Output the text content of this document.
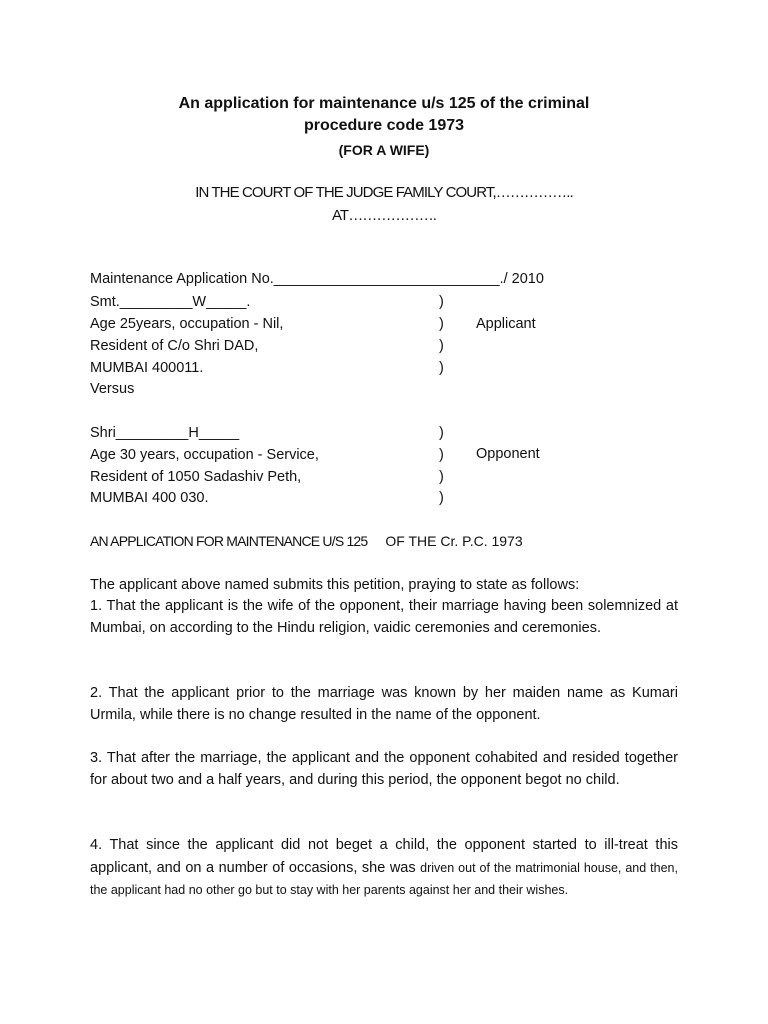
An application for maintenance u/s 125 of the criminal
procedure code 1973
(FOR A WIFE)
IN THE COURT OF THE JUDGE FAMILY COURT,……………..
AT……………….
Maintenance Application No.____________________________./ 2010
Smt._________W_____.
Age 25years, occupation - Nil,
Resident of C/o Shri DAD,
MUMBAI 400011.
)
)
)
)
Applicant
Versus
Shri_________H_____
Age 30 years, occupation - Service,
Resident of 1050 Sadashiv Peth,
MUMBAI 400 030.
)
)
)
)
Opponent
AN APPLICATION FOR MAINTENANCE U/S 125 OF THE Cr. P.C. 1973
The applicant above named submits this petition, praying to state as follows:
1. That the applicant is the wife of the opponent, their marriage having been solemnized at Mumbai, on according to the Hindu religion, vaidic ceremonies and ceremonies.
2. That the applicant prior to the marriage was known by her maiden name as Kumari Urmila, while there is no change resulted in the name of the opponent.
3. That after the marriage, the applicant and the opponent cohabited and resided together for about two and a half years, and during this period, the opponent begot no child.
4. That since the applicant did not beget a child, the opponent started to ill-treat this applicant, and on a number of occasions, she was driven out of the matrimonial house, and then, the applicant had no other go but to stay with her parents against her and their wishes.
